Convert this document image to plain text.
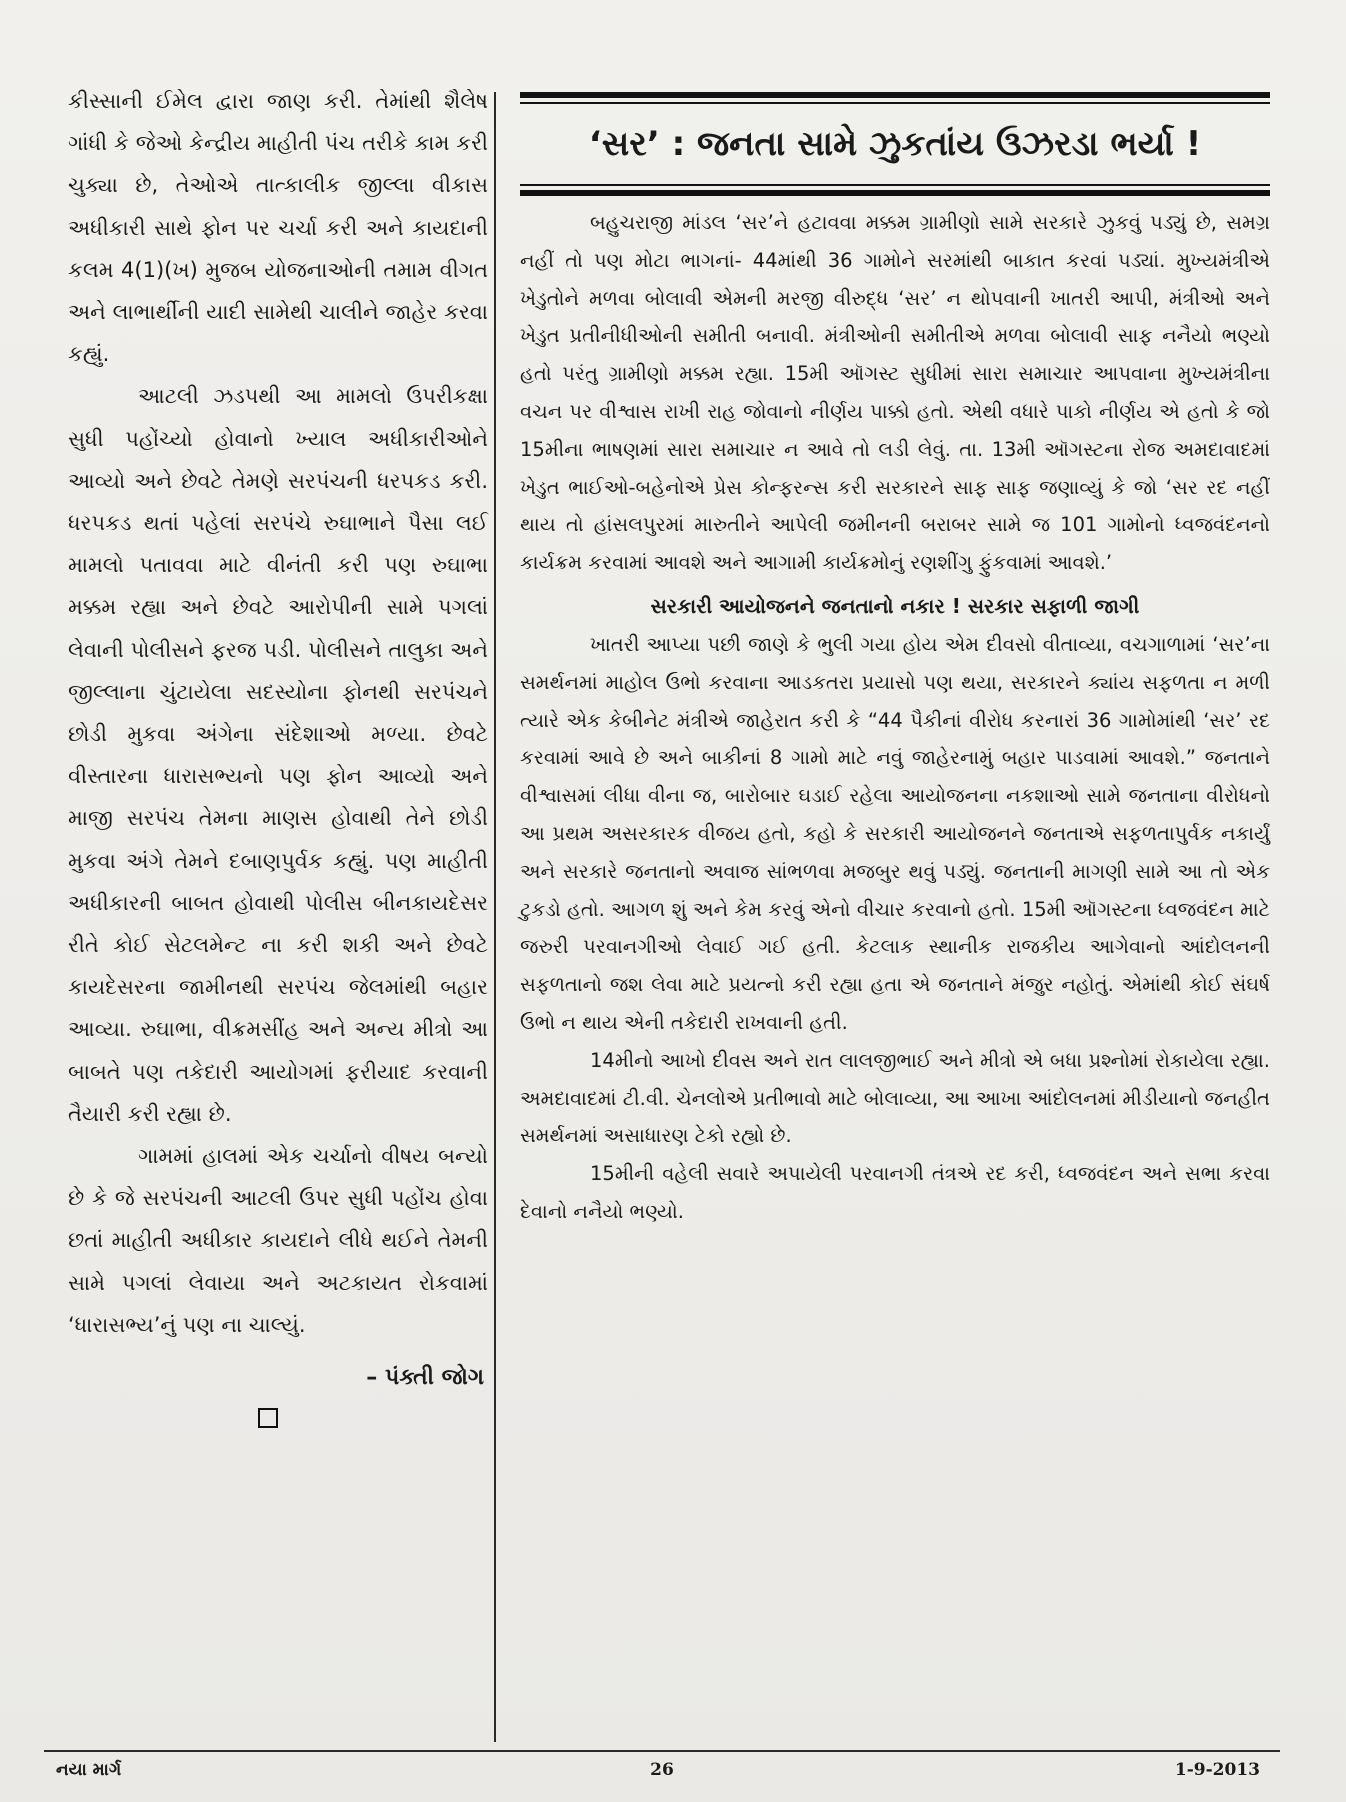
કીસ્સાની ઈમેલ દ્વારા જાણ કરી. તેમાંથી શૈલેષ ગાંધી કે જેઓ કેન્દ્રીય માહીતી પંચ તરીકે કામ કરી ચુક્યા છે, તેઓએ તાત્કાલીક જીલ્લા વીકાસ અધીકારી સાથે ફોન પર ચર્ચા કરી અને કાયદાની કલમ 4(1)(ખ) મુજબ યોજનાઓની તમામ વીગત અને લાભાર્થીની યાદી સામેથી ચાલીને જાહેર કરવા કહ્યું.

આટલી ઝડપથી આ મામલો ઉપરીકક્ષા સુધી પહોંચ્યો હોવાનો ખ્યાલ અધીકારીઓને આવ્યો અને છેવટે તેમણે સરપંચની ધરપકડ કરી. ધરપકડ થતાં પહેલાં સરપંચે રુઘાભાને પૈસા લઈ મામલો પતાવવા માટે વીનંતી કરી પણ રુઘાભા મક્કમ રહ્યા અને છેવટે આરોપીની સામે પગલાં લેવાની પોલીસને ફરજ પડી. પોલીસને તાલુકા અને જીલ્લાના ચુંટાયેલા સદસ્યોના ફોનથી સરપંચને છોડી મુકવા અંગેના સંદેશાઓ મળ્યા. છેવટે વીસ્તારના ધારાસભ્યનો પણ ફોન આવ્યો અને માજી સરપંચ તેમના માણસ હોવાથી તેને છોડી મુકવા અંગે તેમને દબાણપુર્વક કહ્યું. પણ માહીતી અધીકારની બાબત હોવાથી પોલીસ બીનકાયદેસર રીતે કોઈ સેટલમેન્ટ ના કરી શકી અને છેવટે કાયદેસરના જામીનથી સરપંચ જેલમાંથી બહાર આવ્યા. રુઘાભા, વીક્રમસીંહ અને અન્ય મીત્રો આ બાબતે પણ તકેદારી આયોગમાં ફરીયાદ કરવાની તૈયારી કરી રહ્યા છે.

ગામમાં હાલમાં એક ચર્ચાનો વીષય બન્યો છે કે જે સરપંચની આટલી ઉપર સુધી પહોંચ હોવા છતાં માહીતી અધીકાર કાયદાને લીધે થઈને તેમની સામે પગલાં લેવાયા અને અટકાયત રોકવામાં ‘ધારાસભ્ય’નું પણ ના ચાલ્યું.

– પંક્તી જોગ
‘સર’ : જનતા સામે ઝુકતાંય ઉઝરડા ભર્યા !

બહુચરાજી માંડલ ‘સર’ને હટાવવા મક્કમ ગ્રામીણો સામે સરકારે ઝુકવું પડ્યું છે, સમગ્ર નહીં તો પણ મોટા ભાગનાં- 44માંથી 36 ગામોને સરમાંથી બાકાત કરવાં પડ્યાં. મુખ્યમંત્રીએ ખેડુતોને મળવા બોલાવી એમની મરજી વીરુદ્ધ ‘સર’ ન થોપવાની ખાતરી આપી, મંત્રીઓ અને ખેડુત પ્રતીનીધીઓની સમીતી બનાવી. મંત્રીઓની સમીતીએ મળવા બોલાવી સાફ નનૈયો ભણ્યો હતો પરંતુ ગ્રામીણો મક્કમ રહ્યા. 15મી ઑગસ્ટ સુધીમાં સારા સમાચાર આપવાના મુખ્યમંત્રીના વચન પર વીશ્વાસ રાખી રાહ જોવાનો નીર્ણય પાક્કો હતો. એથી વધારે પાકો નીર્ણય એ હતો કે જો 15મીના ભાષણમાં સારા સમાચાર ન આવે તો લડી લેવું. તા. 13મી ઑગસ્ટના રોજ અમદાવાદમાં ખેડુત ભાઈઓ-બહેનોએ પ્રેસ કોન્ફરન્સ કરી સરકારને સાફ સાફ જણાવ્યું કે જો ‘સર રદ નહીં થાય તો હાંસલપુરમાં મારુતીને આપેલી જમીનની બરાબર સામે જ 101 ગામોનો ધ્વજવંદનનો કાર્યક્રમ કરવામાં આવશે અને આગામી કાર્યક્રમોનું રણશીંગુ ફુંકવામાં આવશે.’

સરકારી આયોજનને જનતાનો નકાર ! સરકાર સફાળી જાગી

ખાતરી આપ્યા પછી જાણે કે ભુલી ગયા હોય એમ દીવસો વીતાવ્યા, વચગાળામાં ‘સર’ના સમર્થનમાં માહોલ ઉભો કરવાના આડકતરા પ્રયાસો પણ થયા, સરકારને ક્યાંય સફળતા ન મળી ત્યારે એક કેબીનેટ મંત્રીએ જાહેરાત કરી કે “44 પૈકીનાં વીરોધ કરનારાં 36 ગામોમાંથી ‘સર’ રદ કરવામાં આવે છે અને બાકીનાં 8 ગામો માટે નવું જાહેરનામું બહાર પાડવામાં આવશે.” જનતાને વીશ્વાસમાં લીધા વીના જ, બારોબાર ઘડાઈ રહેલા આયોજનના નકશાઓ સામે જનતાના વીરોધનો આ પ્રથમ અસરકારક વીજય હતો, કહો કે સરકારી આયોજનને જનતાએ સફળતાપુર્વક નકાર્યું અને સરકારે જનતાનો અવાજ સાંભળવા મજબુર થવું પડ્યું. જનતાની માગણી સામે આ તો એક ટુકડો હતો. આગળ શું અને કેમ કરવું એનો વીચાર કરવાનો હતો. 15મી ઑગસ્ટના ધ્વજવંદન માટે જરુરી પરવાનગીઓ લેવાઈ ગઈ હતી. કેટલાક સ્થાનીક રાજકીય આગેવાનો આંદોલનની સફળતાનો જશ લેવા માટે પ્રયત્નો કરી રહ્યા હતા એ જનતાને મંજુર નહોતું. એમાંથી કોઈ સંઘર્ષ ઉભો ન થાય એની તકેદારી રાખવાની હતી.

14મીનો આખો દીવસ અને રાત લાલજીભાઈ અને મીત્રો એ બધા પ્રશ્નોમાં રોકાયેલા રહ્યા. અમદાવાદમાં ટી.વી. ચેનલોએ પ્રતીભાવો માટે બોલાવ્યા, આ આખા આંદોલનમાં મીડીયાનો જનહીત સમર્થનમાં અસાધારણ ટેકો રહ્યો છે.

15મીની વહેલી સવારે અપાયેલી પરવાનગી તંત્રએ રદ કરી, ધ્વજવંદન અને સભા કરવા દેવાનો નનૈયો ભણ્યો.

નયા માર્ગ	26	1-9-2013
